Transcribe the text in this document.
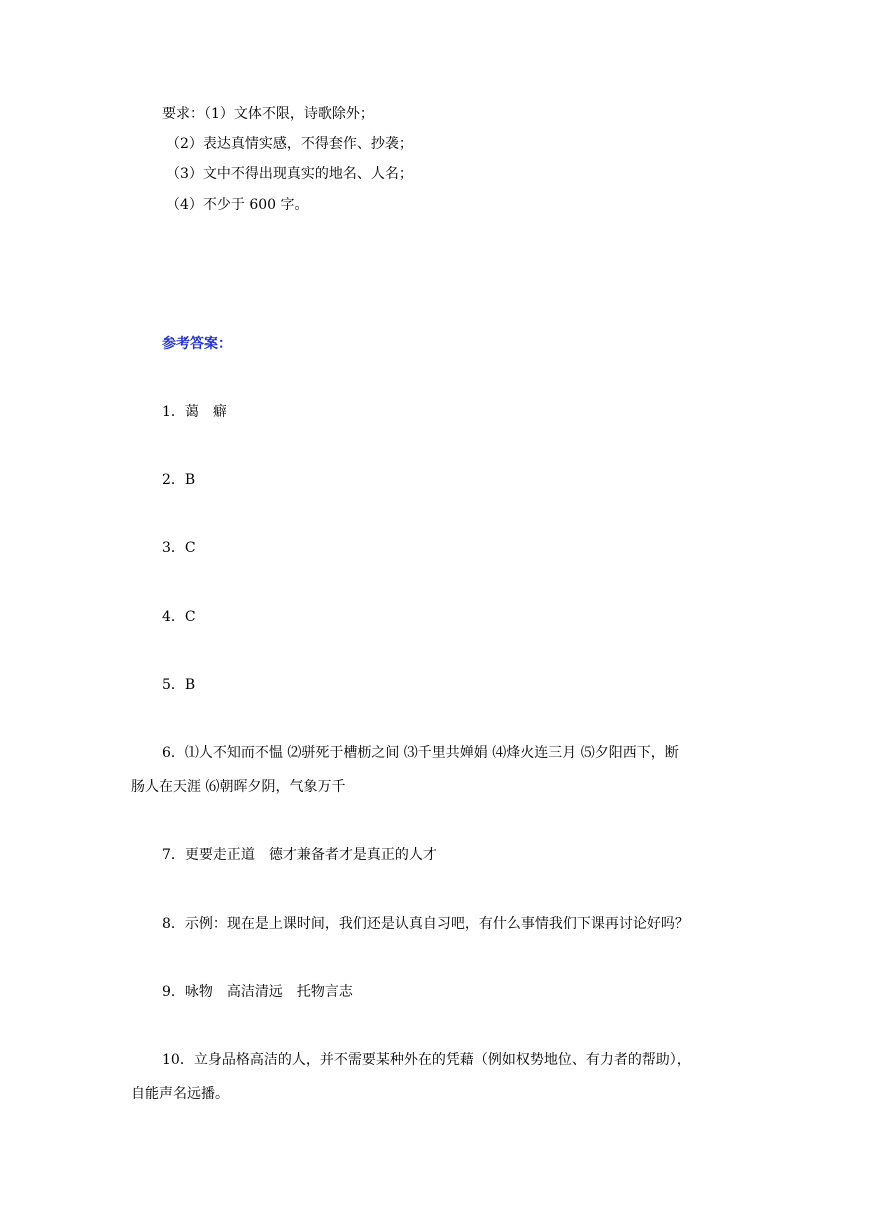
要求：（1）文体不限，诗歌除外；
（2）表达真情实感，不得套作、抄袭；
（3）文中不得出现真实的地名、人名；
（4）不少于 600 字。
参考答案：
1．蔼　癖
2．B
3．C
4．C
5．B
6．⑴人不知而不愠 ⑵骈死于槽枥之间 ⑶千里共婵娟 ⑷烽火连三月 ⑸夕阳西下，断
肠人在天涯 ⑹朝晖夕阴，气象万千
7．更要走正道　德才兼备者才是真正的人才
8．示例：现在是上课时间，我们还是认真自习吧，有什么事情我们下课再讨论好吗？
9．咏物　高洁清远　托物言志
10．立身品格高洁的人，并不需要某种外在的凭藉（例如权势地位、有力者的帮助），
自能声名远播。
